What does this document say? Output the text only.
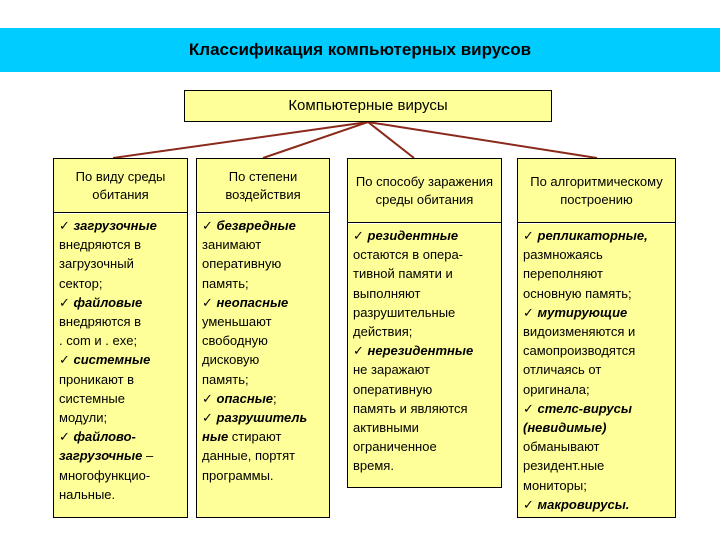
Классификация компьютерных вирусов
Компьютерные вирусы
По виду среды обитания

✓ загрузочные

внедряются в

загрузочный

сектор;

✓ файловые

внедряются в

. com и . exe;

✓ системные

проникают в

системные

модули;

✓ файлово-

загрузочные –

многофункцио-

нальные.

По степени воздействия

✓ безвредные

занимают

оперативную

память;

✓ неопасные

уменьшают

свободную

дисковую

память;

✓ опасные;

✓ разрушитель

ные стирают

данные, портят

программы.

По способу заражения среды обитания

✓ резидентные

остаются в опера-

тивной памяти и

выполняют

разрушительные

действия;

✓ нерезидентные

не заражают

оперативную

память и являются

активными

ограниченное

время.

По алгоритмическому построению

✓ репликаторные,

размножаясь

переполняют

основную память;

✓ мутирующие

видоизменяются и

самопроизводятся

отличаясь от

оригинала;

✓ стелс-вирусы

(невидимые)

обманывают

резидент.ные

мониторы;

✓ макровирусы.
